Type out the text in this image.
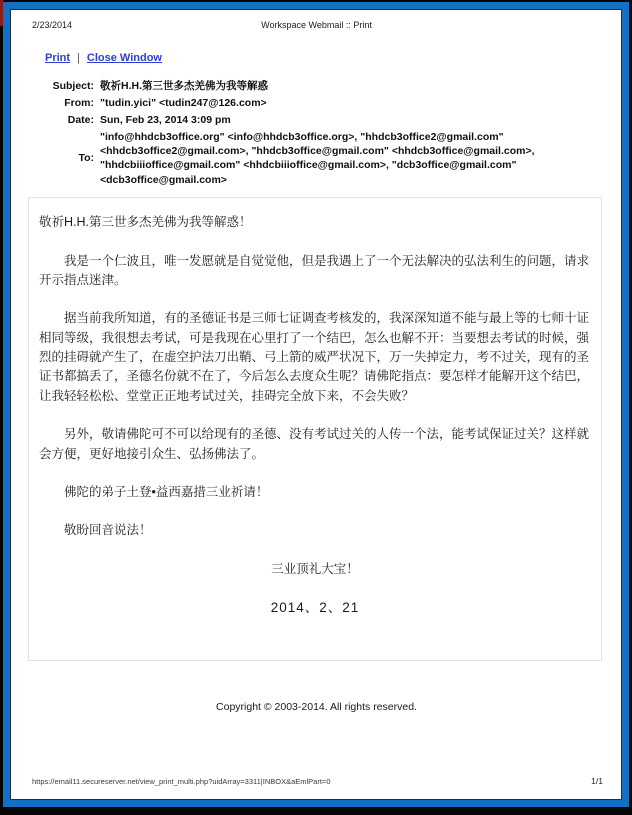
2/23/2014	Workspace Webmail :: Print
Print | Close Window
Subject:	敬祈H.H.第三世多杰羌佛为我等解惑
From:	"tudin.yici" <tudin247@126.com>
Date:	Sun, Feb 23, 2014 3:09 pm
To:	"info@hhdcb3office.org" <info@hhdcb3office.org>, "hhdcb3office2@gmail.com" <hhdcb3office2@gmail.com>, "hhdcb3office@gmail.com" <hhdcb3office@gmail.com>, "hhdcbiiioffice@gmail.com" <hhdcbiiioffice@gmail.com>, "dcb3office@gmail.com" <dcb3office@gmail.com>

敬祈H.H.第三世多杰羌佛为我等解惑！

我是一个仁波且，唯一发愿就是自觉觉他，但是我遇上了一个无法解决的弘法利生的问题，请求开示指点迷津。

据当前我所知道，有的圣德证书是三师七证调查考核发的，我深深知道不能与最上等的七师十证相同等级，我很想去考试，可是我现在心里打了一个结巴，怎么也解不开：当要想去考试的时候，强烈的挂碍就产生了，在虚空护法刀出鞘、弓上箭的威严状况下，万一失掉定力，考不过关，现有的圣证书都搞丢了，圣德名份就不在了，今后怎么去度众生呢？请佛陀指点：要怎样才能解开这个结巴，让我轻轻松松、堂堂正正地考试过关，挂碍完全放下来，不会失败？

另外，敬请佛陀可不可以给现有的圣德、没有考试过关的人传一个法，能考试保证过关？这样就会方便，更好地接引众生、弘扬佛法了。

佛陀的弟子土登•益西嘉措三业祈请！

敬盼回音说法！

三业顶礼大宝！

2014、2、21

Copyright © 2003-2014. All rights reserved.
https://email11.secureserver.net/view_print_multi.php?uidArray=3311|INBOX&aEmlPart=0	1/1
